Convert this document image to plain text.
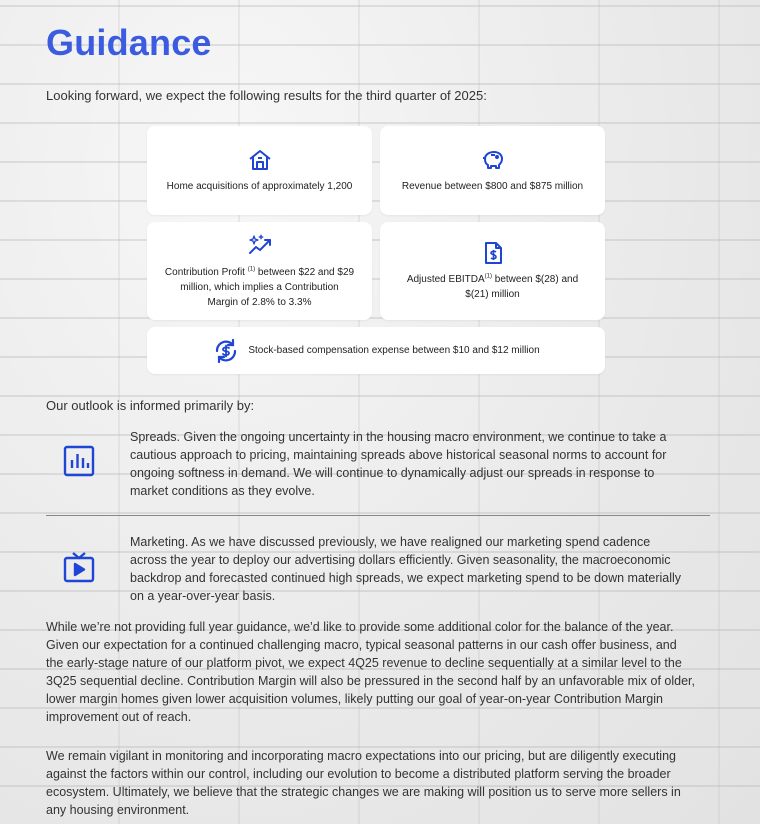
Guidance
Looking forward, we expect the following results for the third quarter of 2025:
Home acquisitions of approximately 1,200	Revenue between $800 and $875 million
Contribution Profit $^{(1)}$ between $22 and $29 million, which implies a Contribution Margin of 2.8% to 3.3%
Adjusted EBITDA$^{(1)}$ between $(28) and $(21) million
Stock-based compensation expense between $10 and $12 million
Our outlook is informed primarily by:
Spreads. Given the ongoing uncertainty in the housing macro environment, we continue to take a cautious approach to pricing, maintaining spreads above historical seasonal norms to account for ongoing softness in demand. We will continue to dynamically adjust our spreads in response to market conditions as they evolve.
Marketing. As we have discussed previously, we have realigned our marketing spend cadence across the year to deploy our advertising dollars efficiently. Given seasonality, the macroeconomic backdrop and forecasted continued high spreads, we expect marketing spend to be down materially on a year-over-year basis.
While we’re not providing full year guidance, we’d like to provide some additional color for the balance of the year. Given our expectation for a continued challenging macro, typical seasonal patterns in our cash offer business, and the early-stage nature of our platform pivot, we expect 4Q25 revenue to decline sequentially at a similar level to the 3Q25 sequential decline. Contribution Margin will also be pressured in the second half by an unfavorable mix of older, lower margin homes given lower acquisition volumes, likely putting our goal of year-on-year Contribution Margin improvement out of reach.
We remain vigilant in monitoring and incorporating macro expectations into our pricing, but are diligently executing against the factors within our control, including our evolution to become a distributed platform serving the broader ecosystem. Ultimately, we believe that the strategic changes we are making will position us to serve more sellers in any housing environment.
